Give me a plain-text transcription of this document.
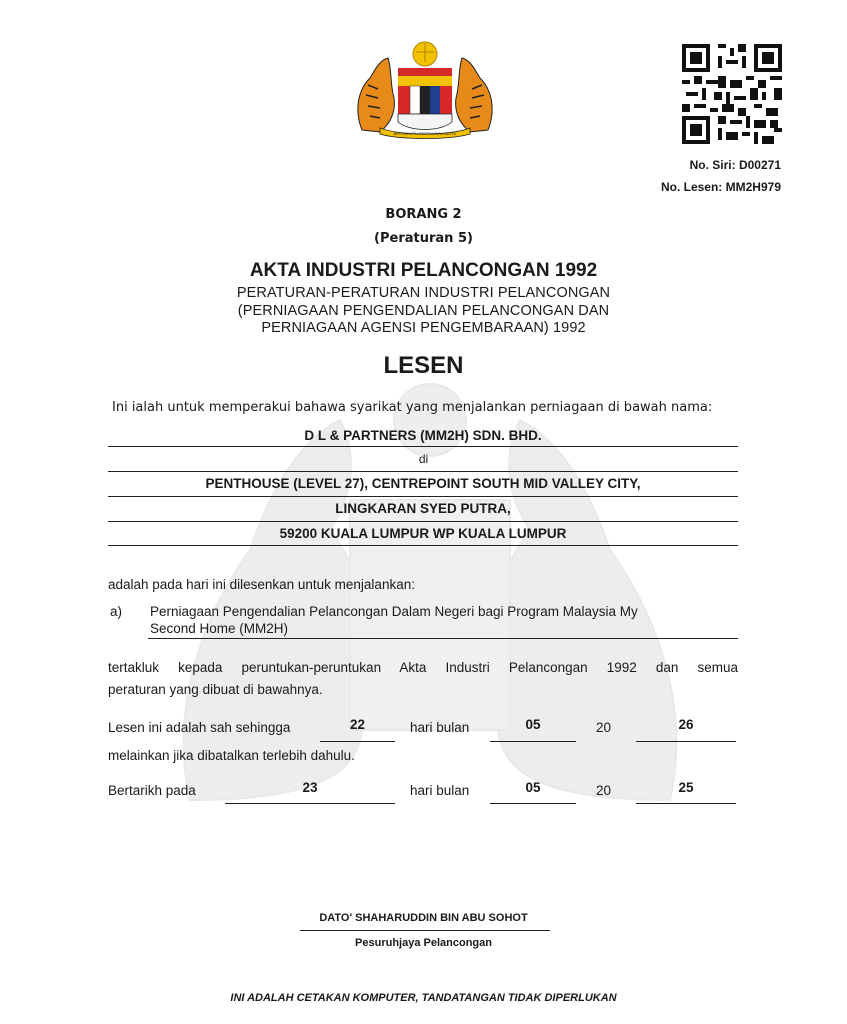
BERSEKUTU BERTAMBAH MUTU
No. Siri: D00271
No. Lesen: MM2H979
BORANG 2
(Peraturan 5)
AKTA INDUSTRI PELANCONGAN 1992
PERATURAN-PERATURAN INDUSTRI PELANCONGAN
(PERNIAGAAN PENGENDALIAN PELANCONGAN DAN
PERNIAGAAN AGENSI PENGEMBARAAN) 1992
LESEN
Ini ialah untuk memperakui bahawa syarikat yang menjalankan perniagaan di bawah nama:
D L & PARTNERS (MM2H) SDN. BHD.
di
PENTHOUSE (LEVEL 27), CENTREPOINT SOUTH MID VALLEY CITY,
LINGKARAN SYED PUTRA,
59200 KUALA LUMPUR WP KUALA LUMPUR
adalah pada hari ini dilesenkan untuk menjalankan:
a) Perniagaan Pengendalian Pelancongan Dalam Negeri bagi Program Malaysia My
Second Home (MM2H)
tertakluk kepada peruntukan-peruntukan Akta Industri Pelancongan 1992 dan semua
peraturan yang dibuat di bawahnya.
Lesen ini adalah sah sehingga	22	hari bulan	05	20	26
melainkan jika dibatalkan terlebih dahulu.
Bertarikh pada	23	hari bulan	05	20	25
DATO' SHAHARUDDIN BIN ABU SOHOT
Pesuruhjaya Pelancongan
INI ADALAH CETAKAN KOMPUTER, TANDATANGAN TIDAK DIPERLUKAN
